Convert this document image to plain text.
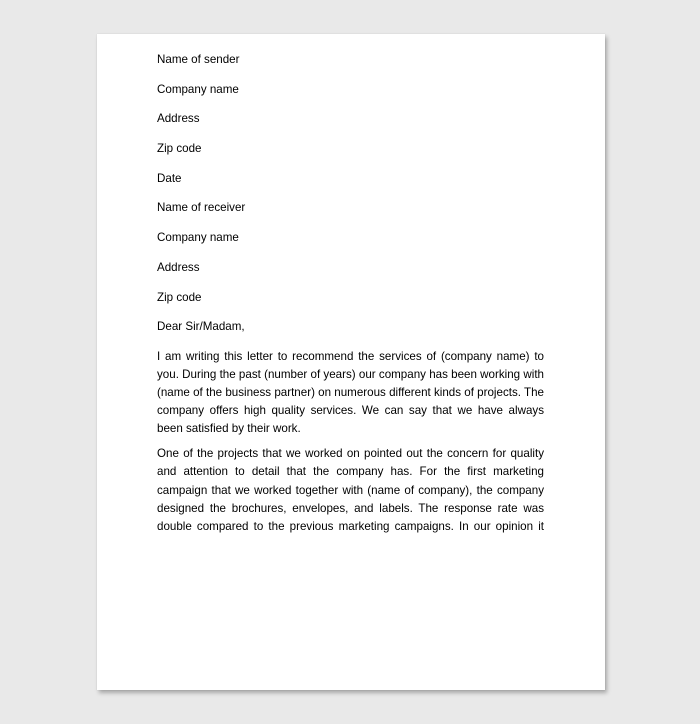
Name of sender
Company name
Address
Zip code
Date
Name of receiver
Company name
Address
Zip code
Dear Sir/Madam,

I am writing this letter to recommend the services of (company name) to you. During the past (number of years) our company has been working with (name of the business partner) on numerous different kinds of projects. The company offers high quality services. We can say that we have always been satisfied by their work.

One of the projects that we worked on pointed out the concern for quality and attention to detail that the company has. For the first marketing campaign that we worked together with (name of company), the company designed the brochures, envelopes, and labels. The response rate was double compared to the previous marketing campaigns. In our opinion it
